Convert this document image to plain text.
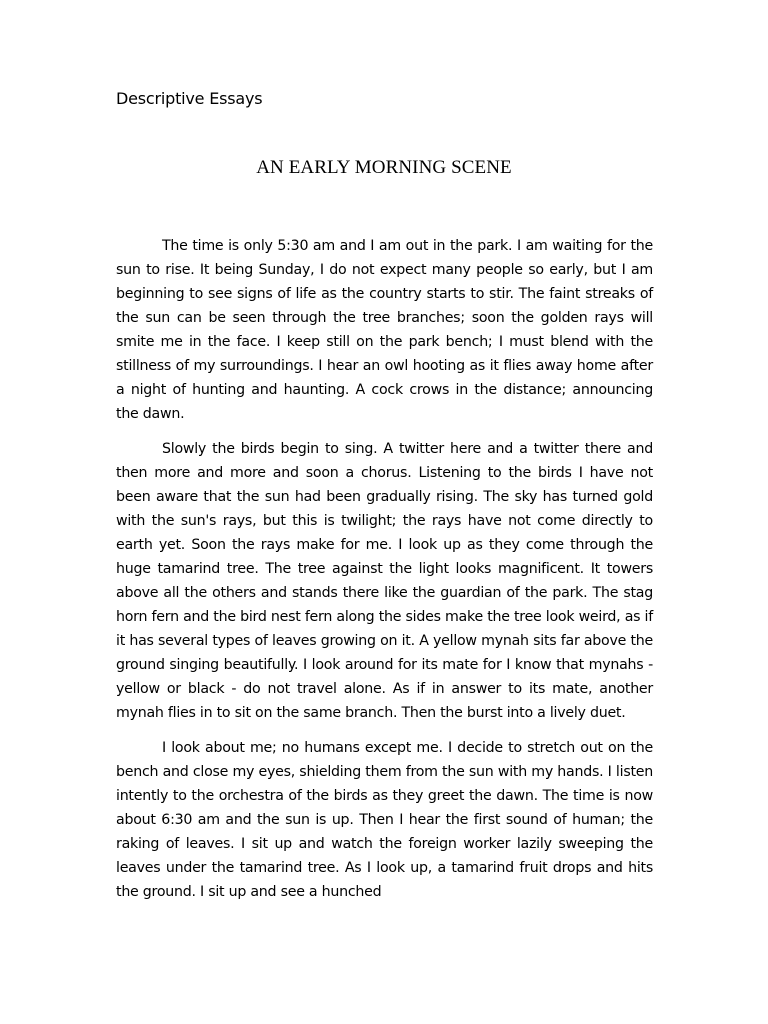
Descriptive Essays
AN EARLY MORNING SCENE

The time is only 5:30 am and I am out in the park. I am waiting for the sun to rise. It being Sunday, I do not expect many people so early, but I am beginning to see signs of life as the country starts to stir. The faint streaks of the sun can be seen through the tree branches; soon the golden rays will smite me in the face. I keep still on the park bench; I must blend with the stillness of my surroundings. I hear an owl hooting as it flies away home after a night of hunting and haunting. A cock crows in the distance; announcing the dawn.

Slowly the birds begin to sing. A twitter here and a twitter there and then more and more and soon a chorus. Listening to the birds I have not been aware that the sun had been gradually rising. The sky has turned gold with the sun's rays, but this is twilight; the rays have not come directly to earth yet. Soon the rays make for me. I look up as they come through the huge tamarind tree. The tree against the light looks magnificent. It towers above all the others and stands there like the guardian of the park. The stag horn fern and the bird nest fern along the sides make the tree look weird, as if it has several types of leaves growing on it. A yellow mynah sits far above the ground singing beautifully. I look around for its mate for I know that mynahs - yellow or black - do not travel alone. As if in answer to its mate, another mynah flies in to sit on the same branch. Then the burst into a lively duet.

I look about me; no humans except me. I decide to stretch out on the bench and close my eyes, shielding them from the sun with my hands. I listen intently to the orchestra of the birds as they greet the dawn. The time is now about 6:30 am and the sun is up. Then I hear the first sound of human; the raking of leaves. I sit up and watch the foreign worker lazily sweeping the leaves under the tamarind tree. As I look up, a tamarind fruit drops and hits the ground. I sit up and see a hunched
